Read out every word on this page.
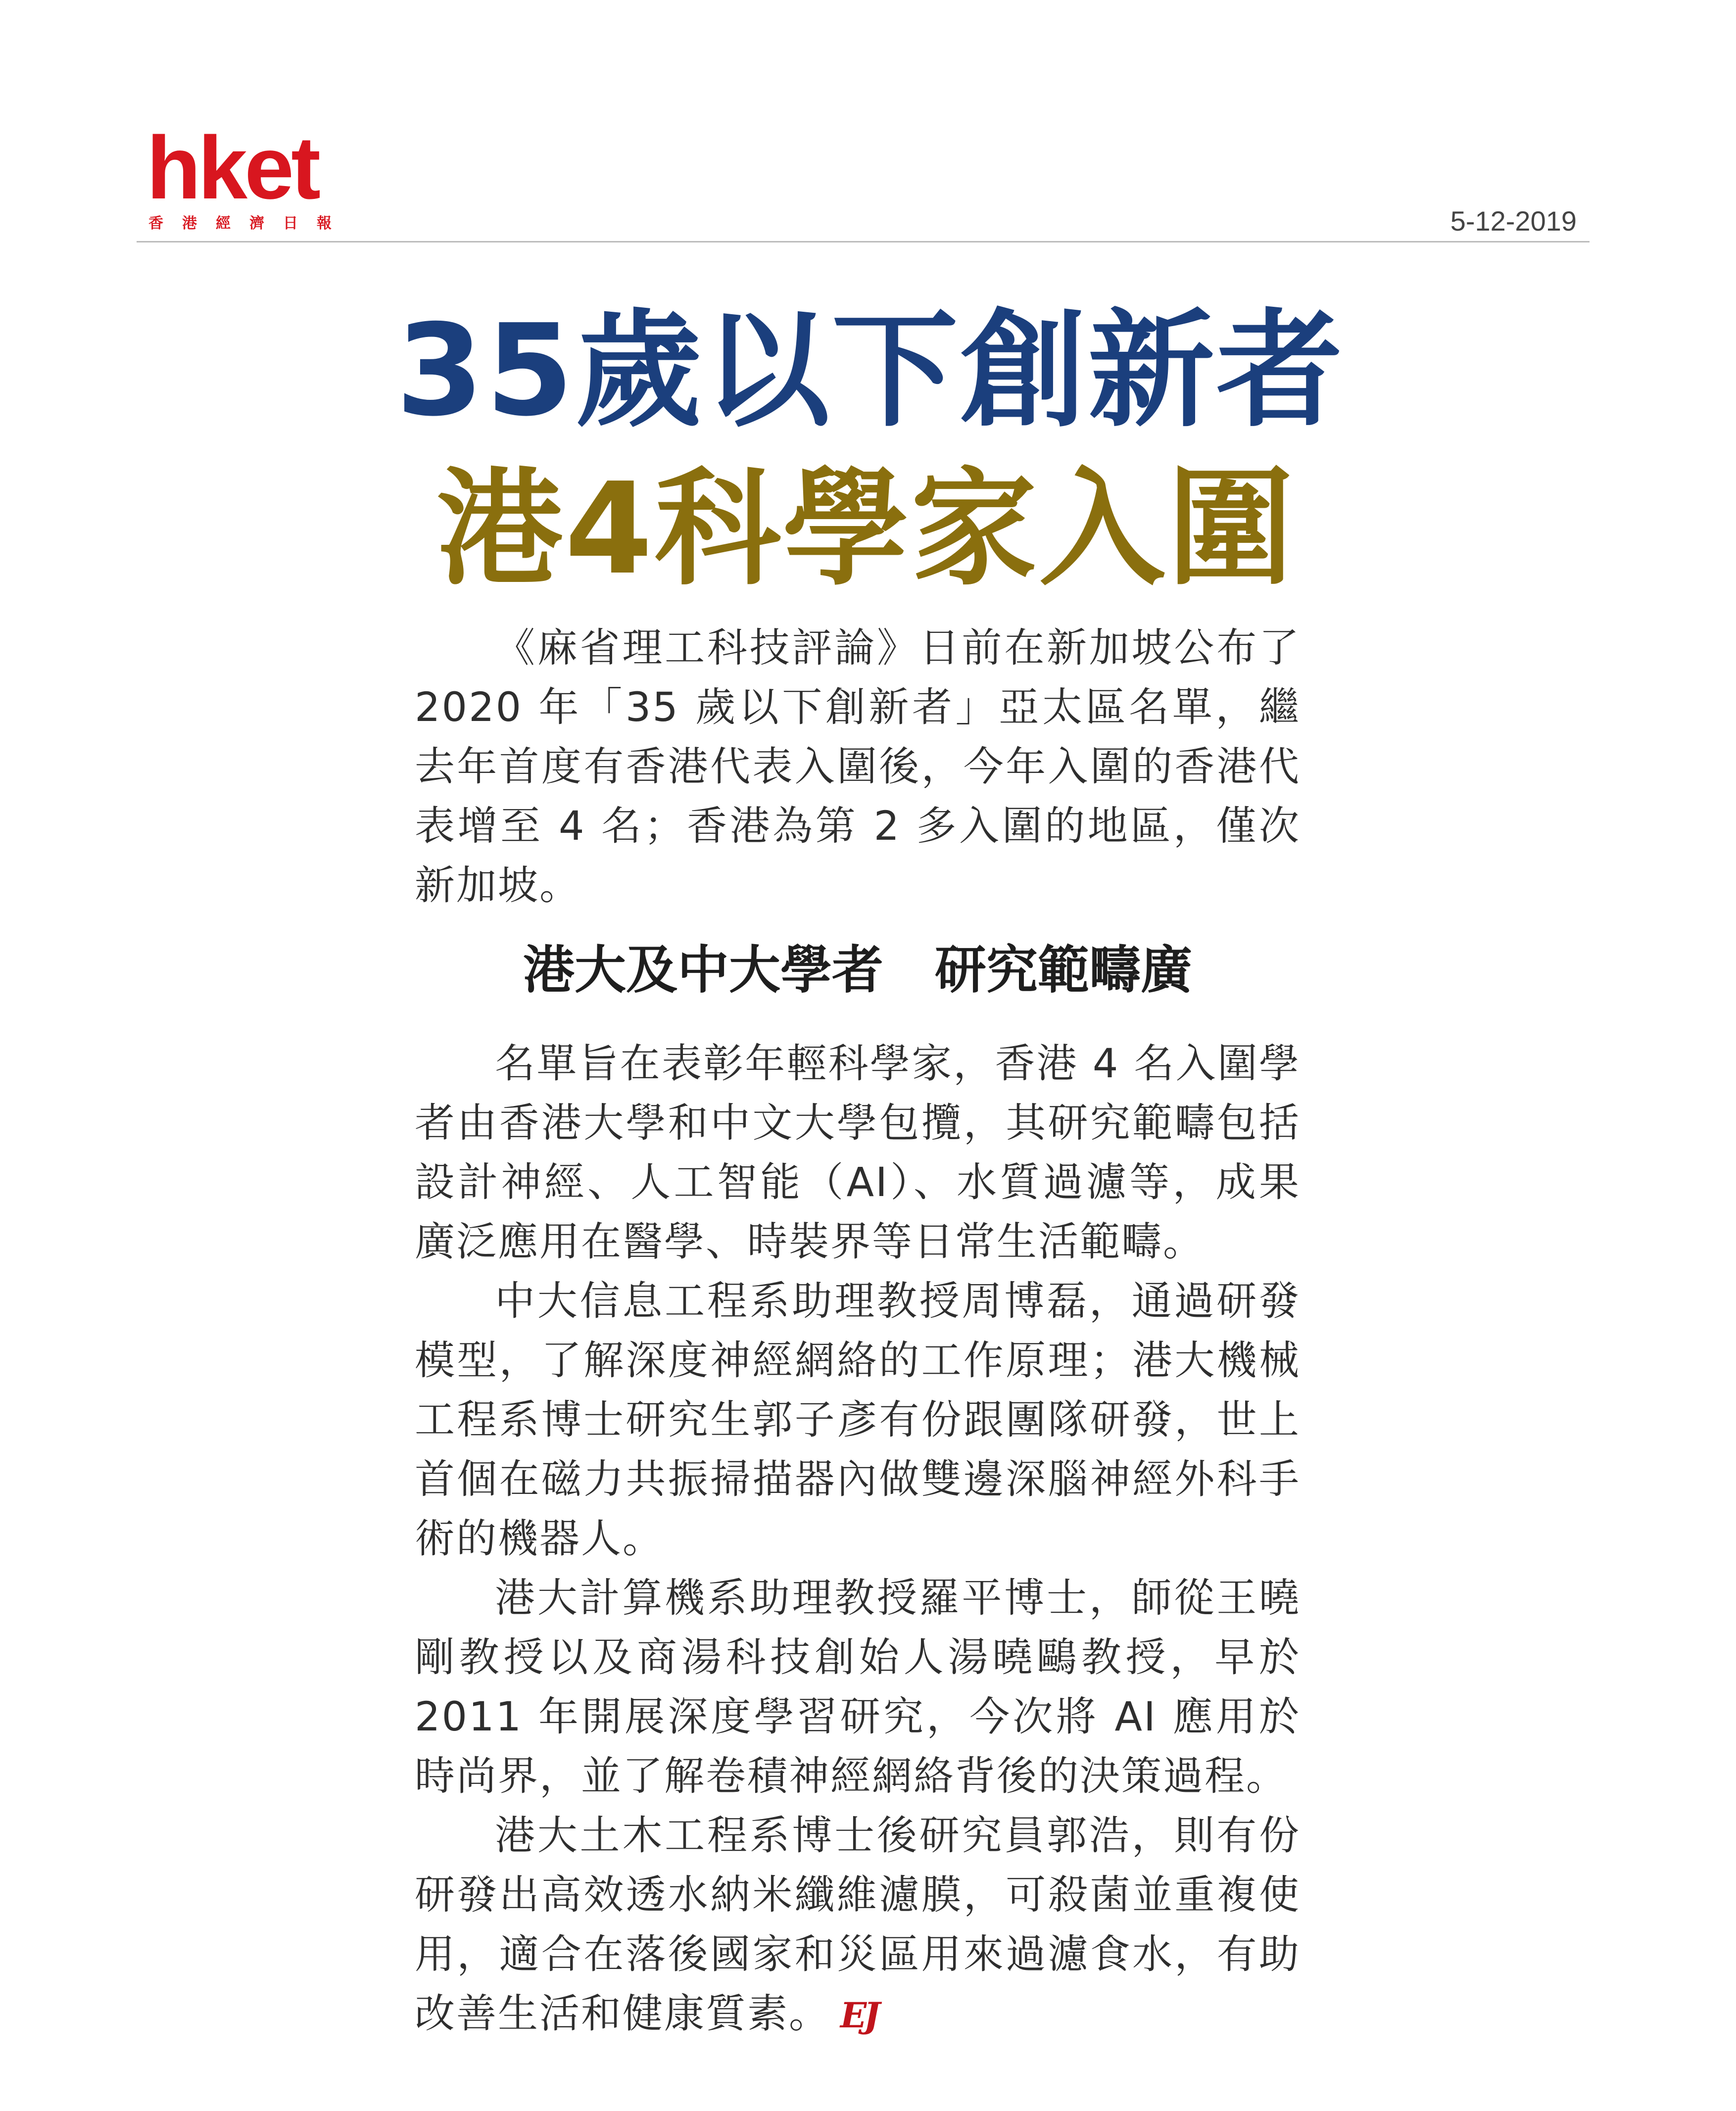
hket
香 港 經 濟 日 報	5-12-2019
35歲以下創新者
港4科學家入圍

《麻省理工科技評論》日前在新加坡公布了2020 年「35 歲以下創新者」亞太區名單，繼去年首度有香港代表入圍後，今年入圍的香港代表增至 4 名；香港為第 2 多入圍的地區，僅次新加坡。

港大及中大學者　研究範疇廣

名單旨在表彰年輕科學家，香港 4 名入圍學者由香港大學和中文大學包攬，其研究範疇包括設計神經、人工智能（AI）、水質過濾等，成果廣泛應用在醫學、時裝界等日常生活範疇。

中大信息工程系助理教授周博磊，通過研發模型，了解深度神經網絡的工作原理；港大機械工程系博士研究生郭子彥有份跟團隊研發，世上首個在磁力共振掃描器內做雙邊深腦神經外科手術的機器人。

港大計算機系助理教授羅平博士，師從王曉剛教授以及商湯科技創始人湯曉鷗教授，早於 2011 年開展深度學習研究，今次將 AI 應用於時尚界，並了解卷積神經網絡背後的決策過程。

港大土木工程系博士後研究員郭浩，則有份研發出高效透水納米纖維濾膜，可殺菌並重複使用，適合在落後國家和災區用來過濾食水，有助改善生活和健康質素。 EJ
